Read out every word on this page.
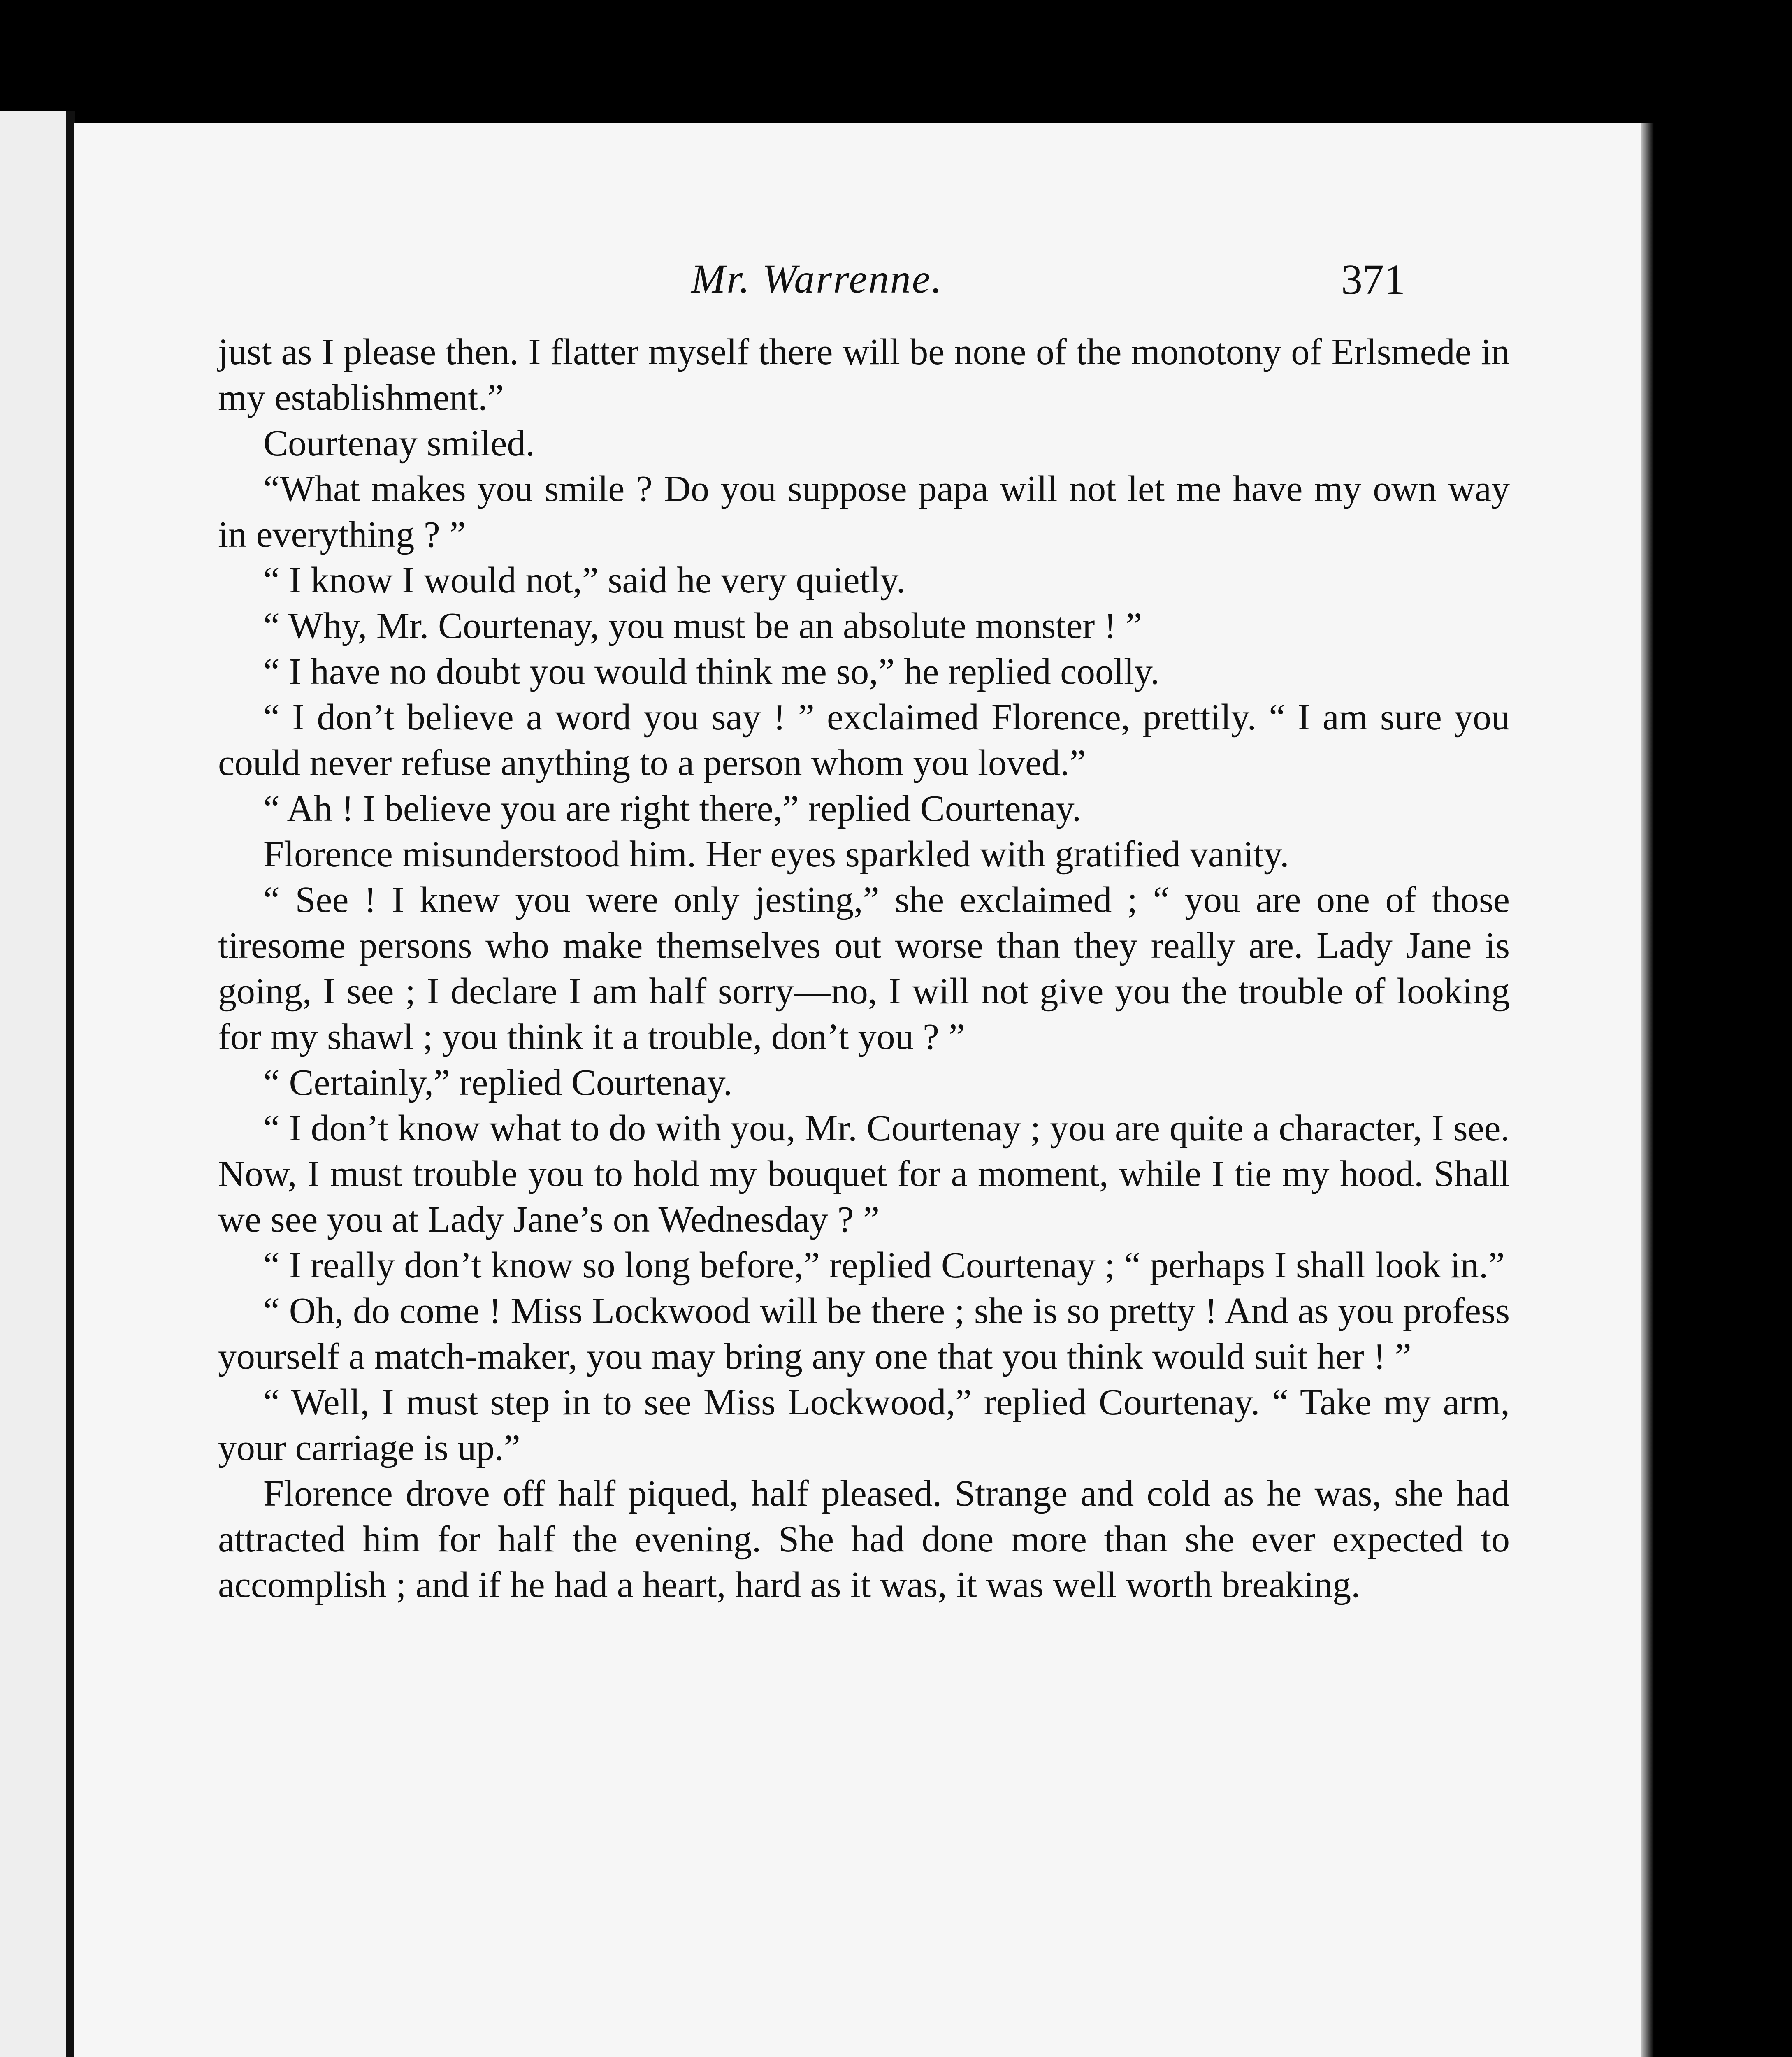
Mr. Warrenne.	371

just as I please then. I flatter myself there will be none of the monotony of Erlsmede in my establishment.”

Courtenay smiled.

“What makes you smile ? Do you suppose papa will not let me have my own way in everything ? ”

“ I know I would not,” said he very quietly.

“ Why, Mr. Courtenay, you must be an absolute monster ! ”

“ I have no doubt you would think me so,” he replied coolly.

“ I don’t believe a word you say ! ” exclaimed Florence, prettily. “ I am sure you could never refuse anything to a person whom you loved.”

“ Ah ! I believe you are right there,” replied Courtenay.

Florence misunderstood him. Her eyes sparkled with gratified vanity.

“ See ! I knew you were only jesting,” she exclaimed ; “ you are one of those tiresome persons who make themselves out worse than they really are. Lady Jane is going, I see ; I declare I am half sorry—no, I will not give you the trouble of looking for my shawl ; you think it a trouble, don’t you ? ”

“ Certainly,” replied Courtenay.

“ I don’t know what to do with you, Mr. Courtenay ; you are quite a character, I see. Now, I must trouble you to hold my bouquet for a moment, while I tie my hood. Shall we see you at Lady Jane’s on Wednesday ? ”

“ I really don’t know so long before,” replied Courtenay ; “ perhaps I shall look in.”

“ Oh, do come ! Miss Lockwood will be there ; she is so pretty ! And as you profess yourself a match-maker, you may bring any one that you think would suit her ! ”

“ Well, I must step in to see Miss Lockwood,” replied Courtenay. “ Take my arm, your carriage is up.”

Florence drove off half piqued, half pleased. Strange and cold as he was, she had attracted him for half the evening. She had done more than she ever expected to accomplish ; and if he had a heart, hard as it was, it was well worth breaking.
